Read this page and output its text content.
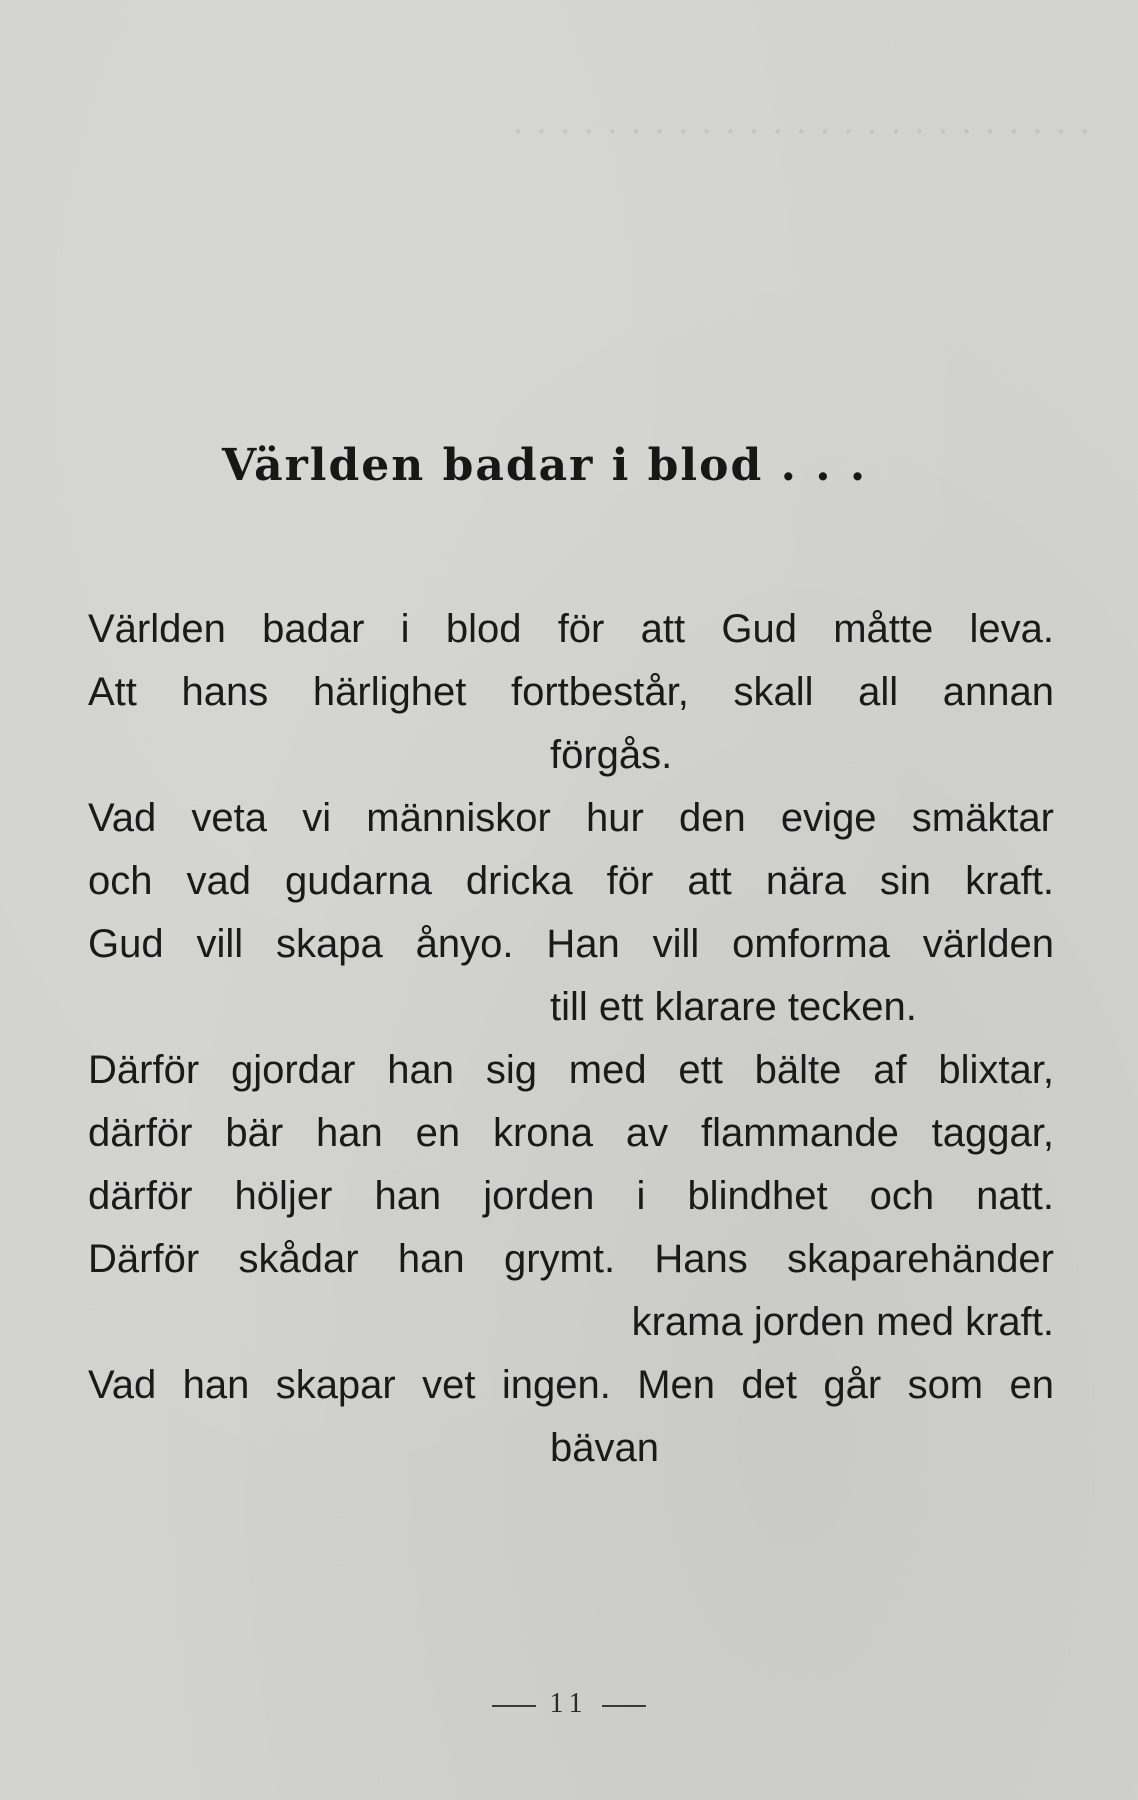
· · · · · · · · · · · · · · · · · · · · · · · · ·
Världen badar i blod . . .
Världen badar i blod för att Gud måtte leva.
Att hans härlighet fortbestår, skall all annan
förgås.
Vad veta vi människor hur den evige smäktar
och vad gudarna dricka för att nära sin kraft.
Gud vill skapa ånyo. Han vill omforma världen
till ett klarare tecken.
Därför gjordar han sig med ett bälte af blixtar,
därför bär han en krona av flammande taggar,
därför höljer han jorden i blindhet och natt.
Därför skådar han grymt. Hans skaparehänder
krama jorden med kraft.
Vad han skapar vet ingen. Men det går som en
bävan
11
